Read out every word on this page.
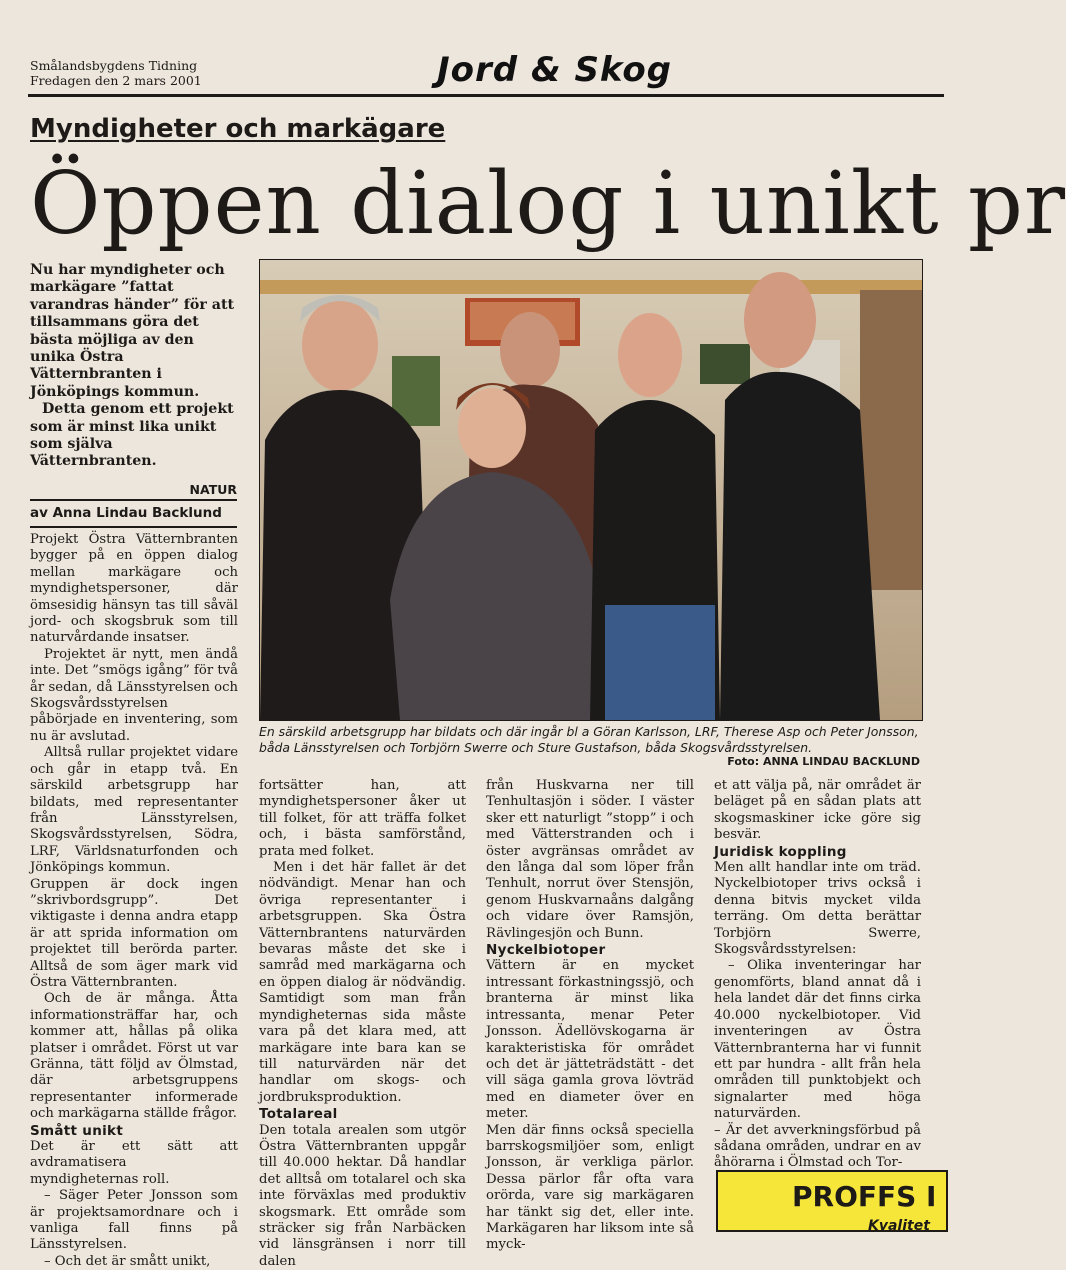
Smålandsbygdens Tidning
Fredagen den 2 mars 2001	Jord & Skog
Myndigheter och markägare
Öppen dialog i unikt pr

Nu har myndigheter och markägare ”fattat varandras händer” för att tillsammans göra det bästa möjliga av den unika Östra Vätternbranten i Jönköpings kommun.

Detta genom ett projekt som är minst lika unikt som själva Vätternbranten.

NATUR
av Anna Lindau Backlund

Projekt Östra Vätternbranten bygger på en öppen dialog mellan markägare och myndighetspersoner, där ömsesidig hänsyn tas till såväl jord- och skogsbruk som till naturvårdande insatser.

Projektet är nytt, men ändå inte. Det ”smögs igång” för två år sedan, då Länsstyrelsen och Skogsvårdsstyrelsen påbörjade en inventering, som nu är avslutad.

Alltså rullar projektet vidare och går in etapp två. En särskild arbetsgrupp har bildats, med representanter från Länsstyrelsen, Skogsvårdsstyrelsen, Södra, LRF, Världsnaturfonden och Jönköpings kommun.

Gruppen är dock ingen ”skrivbordsgrupp”. Det viktigaste i denna andra etapp är att sprida information om projektet till berörda parter. Alltså de som äger mark vid Östra Vätternbranten.

Och de är många. Åtta informationsträffar har, och kommer att, hållas på olika platser i området. Först ut var Gränna, tätt följd av Ölmstad, där arbetsgruppens representanter informerade och markägarna ställde frågor.

Smått unikt

Det är ett sätt att avdramatisera myndigheternas roll.

– Säger Peter Jonsson som är projektsamordnare och i vanliga fall finns på Länsstyrelsen.

– Och det är smått unikt,

En särskild arbetsgrupp har bildats och där ingår bl a Göran Karlsson, LRF, Therese Asp och Peter Jonsson, båda Länsstyrelsen och Torbjörn Swerre och Sture Gustafson, båda Skogsvårdsstyrelsen.
Foto: ANNA LINDAU BACKLUND

fortsätter han, att myndighetspersoner åker ut till folket, för att träffa folket och, i bästa samförstånd, prata med folket.

Men i det här fallet är det nödvändigt. Menar han och övriga representanter i arbetsgruppen. Ska Östra Vätternbrantens naturvärden bevaras måste det ske i samråd med markägarna och en öppen dialog är nödvändig. Samtidigt som man från myndigheternas sida måste vara på det klara med, att markägare inte bara kan se till naturvärden när det handlar om skogs- och jordbruksproduktion.

Totalareal

Den totala arealen som utgör Östra Vätternbranten uppgår till 40.000 hektar. Då handlar det alltså om totalarel och ska inte förväxlas med produktiv skogsmark. Ett område som sträcker sig från Narbäcken vid länsgränsen i norr till dalen

från Huskvarna ner till Tenhultasjön i söder. I väster sker ett naturligt ”stopp” i och med Vätterstranden och i öster avgränsas området av den långa dal som löper från Tenhult, norrut över Stensjön, genom Huskvarnaåns dalgång och vidare över Ramsjön, Rävlingesjön och Bunn.

Nyckelbiotoper

Vättern är en mycket intressant förkastningssjö, och branterna är minst lika intressanta, menar Peter Jonsson. Ädellövskogarna är karakteristiska för området och det är jätteträdstätt - det vill säga gamla grova lövträd med en diameter över en meter.

Men där finns också speciella barrskogsmiljöer som, enligt Jonsson, är verkliga pärlor. Dessa pärlor får ofta vara orörda, vare sig markägaren har tänkt sig det, eller inte. Markägaren har liksom inte så myck-

et att välja på, när området är beläget på en sådan plats att skogsmaskiner icke göre sig besvär.

Juridisk koppling

Men allt handlar inte om träd. Nyckelbiotoper trivs också i denna bitvis mycket vilda terräng. Om detta berättar Torbjörn Swerre, Skogsvårdsstyrelsen:

– Olika inventeringar har genomförts, bland annat då i hela landet där det finns cirka 40.000 nyckelbiotoper. Vid inventeringen av Östra Vätternbranterna har vi funnit ett par hundra - allt från hela områden till punktobjekt och signalarter med höga naturvärden.

– Är det avverkningsförbud på sådana områden, undrar en av åhörarna i Ölmstad och Tor-

PROFFS I
Kvalitet
